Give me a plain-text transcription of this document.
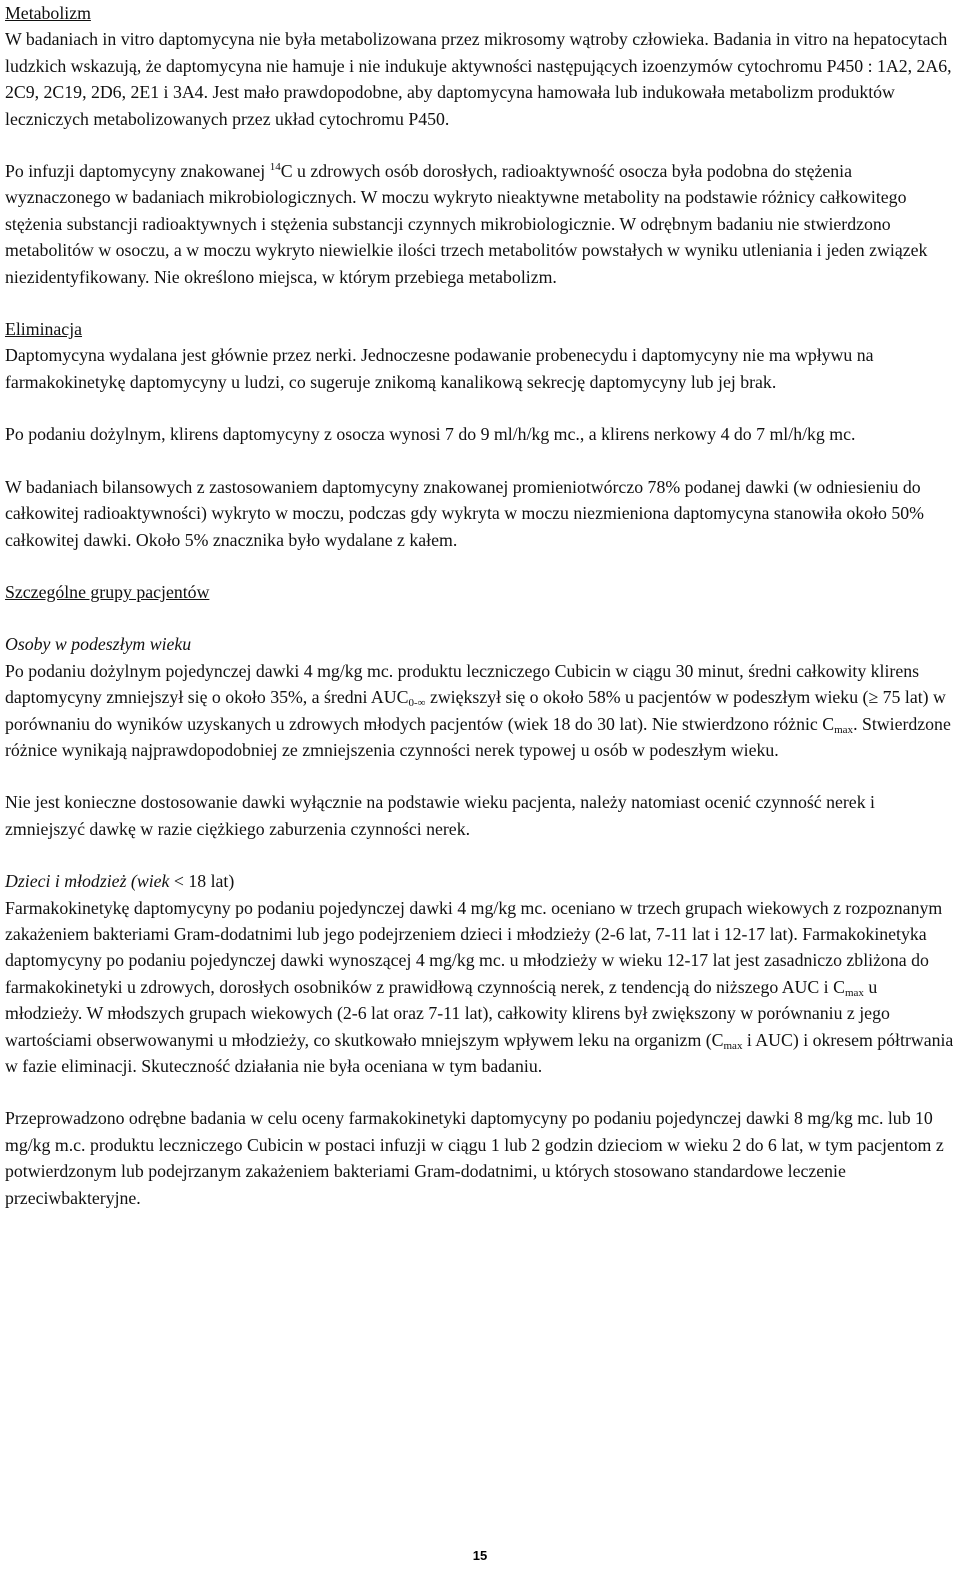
Metabolizm

W badaniach in vitro daptomycyna nie była metabolizowana przez mikrosomy wątroby człowieka. Badania in vitro na hepatocytach ludzkich wskazują, że daptomycyna nie hamuje i nie indukuje aktywności następujących izoenzymów cytochromu P450 : 1A2, 2A6, 2C9, 2C19, 2D6, 2E1 i 3A4. Jest mało prawdopodobne, aby daptomycyna hamowała lub indukowała metabolizm produktów leczniczych metabolizowanych przez układ cytochromu P450.

Po infuzji daptomycyny znakowanej $^{14}$C u zdrowych osób dorosłych, radioaktywność osocza była podobna do stężenia wyznaczonego w badaniach mikrobiologicznych. W moczu wykryto nieaktywne metabolity na podstawie różnicy całkowitego stężenia substancji radioaktywnych i stężenia substancji czynnych mikrobiologicznie. W odrębnym badaniu nie stwierdzono metabolitów w osoczu, a w moczu wykryto niewielkie ilości trzech metabolitów powstałych w wyniku utleniania i jeden związek niezidentyfikowany. Nie określono miejsca, w którym przebiega metabolizm.

Eliminacja

Daptomycyna wydalana jest głównie przez nerki. Jednoczesne podawanie probenecydu i daptomycyny nie ma wpływu na farmakokinetykę daptomycyny u ludzi, co sugeruje znikomą kanalikową sekrecję daptomycyny lub jej brak.

Po podaniu dożylnym, klirens daptomycyny z osocza wynosi 7 do 9 ml/h/kg mc., a klirens nerkowy 4 do 7 ml/h/kg mc.

W badaniach bilansowych z zastosowaniem daptomycyny znakowanej promieniotwórczo 78% podanej dawki (w odniesieniu do całkowitej radioaktywności) wykryto w moczu, podczas gdy wykryta w moczu niezmieniona daptomycyna stanowiła około 50% całkowitej dawki. Około 5% znacznika było wydalane z kałem.

Szczególne grupy pacjentów
Osoby w podeszłym wieku

Po podaniu dożylnym pojedynczej dawki 4 mg/kg mc. produktu leczniczego Cubicin w ciągu 30 minut, średni całkowity klirens daptomycyny zmniejszył się o około 35%, a średni $AUC_{0-\infty}$ zwiększył się o około 58% u pacjentów w podeszłym wieku (≥ 75 lat) w porównaniu do wyników uzyskanych u zdrowych młodych pacjentów (wiek 18 do 30 lat). Nie stwierdzono różnic $C_{max}$. Stwierdzone różnice wynikają najprawdopodobniej ze zmniejszenia czynności nerek typowej u osób w podeszłym wieku.

Nie jest konieczne dostosowanie dawki wyłącznie na podstawie wieku pacjenta, należy natomiast ocenić czynność nerek i zmniejszyć dawkę w razie ciężkiego zaburzenia czynności nerek.

Dzieci i młodzież (wiek < 18 lat)

Farmakokinetykę daptomycyny po podaniu pojedynczej dawki 4 mg/kg mc. oceniano w trzech grupach wiekowych z rozpoznanym zakażeniem bakteriami Gram-dodatnimi lub jego podejrzeniem dzieci i młodzieży (2-6 lat, 7-11 lat i 12-17 lat). Farmakokinetyka daptomycyny po podaniu pojedynczej dawki wynoszącej 4 mg/kg mc. u młodzieży w wieku 12-17 lat jest zasadniczo zbliżona do farmakokinetyki u zdrowych, dorosłych osobników z prawidłową czynnością nerek, z tendencją do niższego AUC i $C_{max}$ u młodzieży. W młodszych grupach wiekowych (2-6 lat oraz 7-11 lat), całkowity klirens był zwiększony w porównaniu z jego wartościami obserwowanymi u młodzieży, co skutkowało mniejszym wpływem leku na organizm ($C_{max}$ i AUC) i okresem półtrwania w fazie eliminacji. Skuteczność działania nie była oceniana w tym badaniu.

Przeprowadzono odrębne badania w celu oceny farmakokinetyki daptomycyny po podaniu pojedynczej dawki 8 mg/kg mc. lub 10 mg/kg m.c. produktu leczniczego Cubicin w postaci infuzji w ciągu 1 lub 2 godzin dzieciom w wieku 2 do 6 lat, w tym pacjentom z potwierdzonym lub podejrzanym zakażeniem bakteriami Gram-dodatnimi, u których stosowano standardowe leczenie przeciwbakteryjne.

15
